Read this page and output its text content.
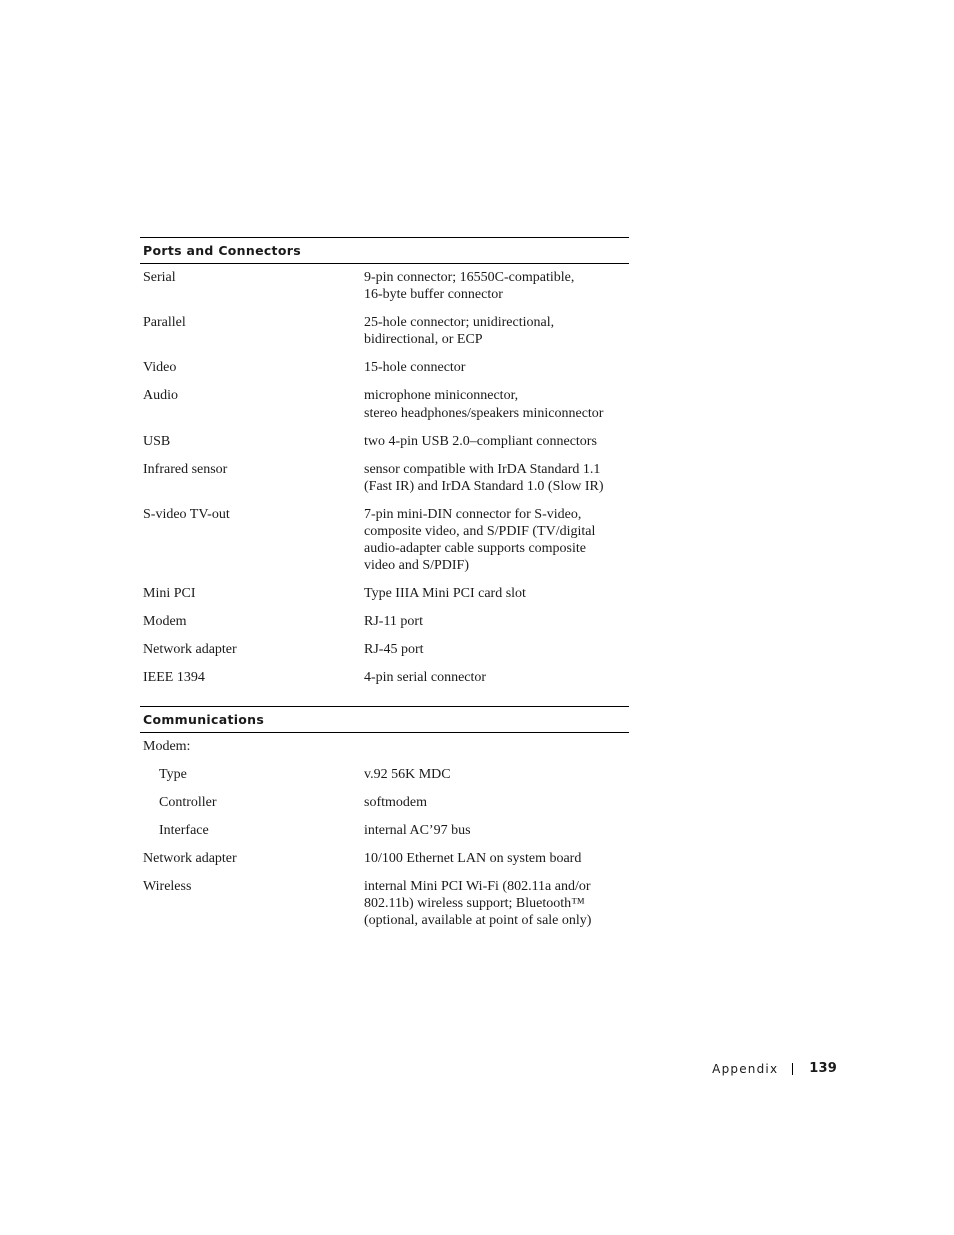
Ports and Connectors
Serial	9-pin connector; 16550C-compatible,
16-byte buffer connector
Parallel	25-hole connector; unidirectional,
bidirectional, or ECP
Video	15-hole connector
Audio	microphone miniconnector,
stereo headphones/speakers miniconnector
USB	two 4-pin USB 2.0–compliant connectors
Infrared sensor	sensor compatible with IrDA Standard 1.1
(Fast IR) and IrDA Standard 1.0 (Slow IR)
S-video TV-out	7-pin mini-DIN connector for S-video,
composite video, and S/PDIF (TV/digital
audio-adapter cable supports composite
video and S/PDIF)
Mini PCI	Type IIIA Mini PCI card slot
Modem	RJ-11 port
Network adapter	RJ-45 port
IEEE 1394	4-pin serial connector
Communications
Modem:
Type	v.92 56K MDC
Controller	softmodem
Interface	internal AC’97 bus
Network adapter	10/100 Ethernet LAN on system board
Wireless	internal Mini PCI Wi-Fi (802.11a and/or
802.11b) wireless support; Bluetooth™
(optional, available at point of sale only)
Appendix 139
